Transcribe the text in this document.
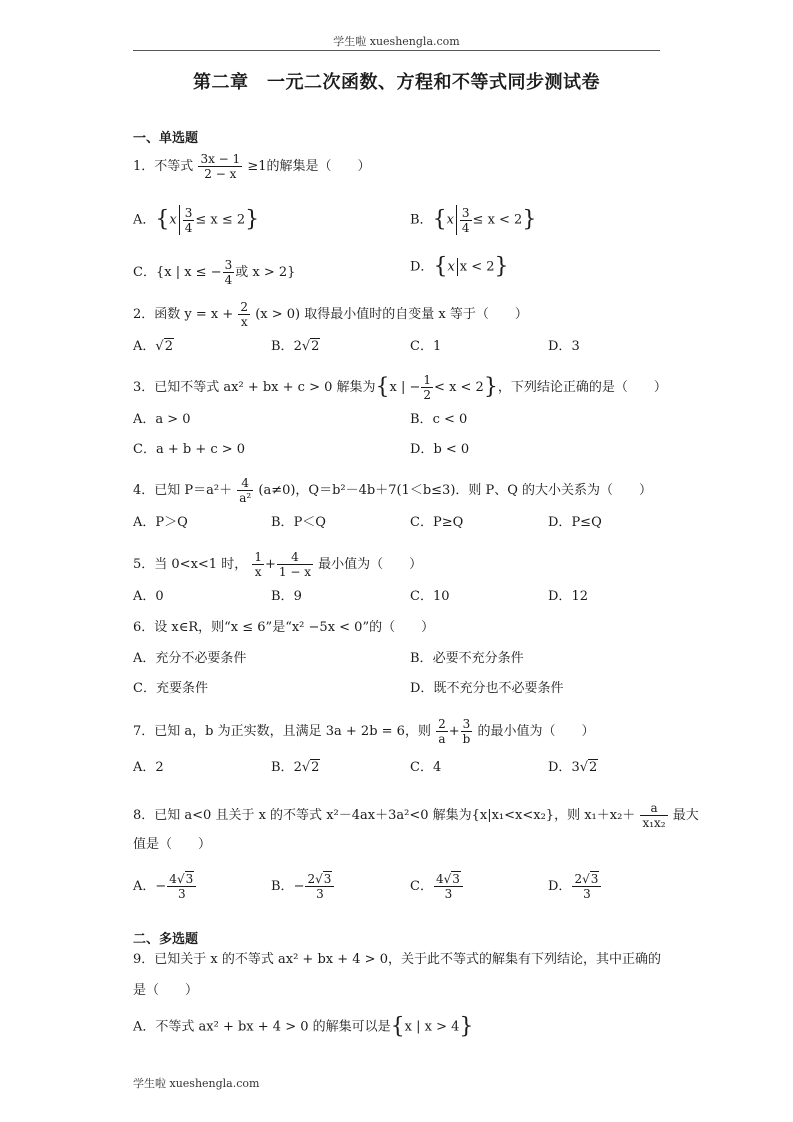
学生啦 xueshengla.com
第二章　一元二次函数、方程和不等式同步测试卷
一、单选题
1．不等式 $\frac{3x - 1}{2 - x} \ge 1$的解集是（　　）
A．$\{x \frac{3}{4} \le x \le 2\}$	B．$\{x \frac{3}{4} \le x < 2\}$
C．{x | x ≤ − $\frac{3}{4}$ 或 x > 2}	D．{x x < 2}
2．函数 $y = x + \frac{2}{x} (x > 0)$ 取得最小值时的自变量 x 等于（　　）
A．√2	B．2√2	C．1	D．3
3．已知不等式 ax² + bx + c > 0 解集为{x | − $\frac{1}{2} < x < 2$}，下列结论正确的是（　　）
A．a > 0	B．c < 0
C．a + b + c > 0	D．b < 0
4．已知 $P=a^2+ \frac{4}{\text{a²}} (a\ne 0)$，Q＝b²－4b＋7(1＜b≤3)．则 P、Q 的大小关系为（　　）
A．P＞Q	B．P＜Q	C．P≥Q	D．P≤Q
5．当 0<x<1 时， $\frac{1}{x} + \frac{4}{1 - x}$ 最小值为（　　）
A．0	B．9	C．10	D．12
6．设 x∈R，则“x ≤ 6”是“x² −5x < 0”的（　　）
A．充分不必要条件	B．必要不充分条件
C．充要条件	D．既不充分也不必要条件
7．已知 a，b 为正实数，且满足 3a + 2b = 6，则 $\frac{2}{a} + \frac{3}{b}$ 的最小值为（　　）
A．2	B．2√2	C．4	D．3√2
8．已知 a<0 且关于 x 的不等式 x²－4ax＋3a²<0 解集为{x|x₁<x<x₂}，则 $x_1+x_2+ \frac{a}{\text{x₁x₂}}$ 最大
值是（　　）
A．− $\frac{4√3}{3}$	B．− $\frac{2√3}{3}$	C． $\frac{4√3}{3}$	D． $\frac{2√3}{3}$
二、多选题
9．已知关于 x 的不等式 ax² + bx + 4 > 0，关于此不等式的解集有下列结论，其中正确的
是（　　）
A．不等式 ax² + bx + 4 > 0 的解集可以是{x | x > 4}
学生啦 xueshengla.com
